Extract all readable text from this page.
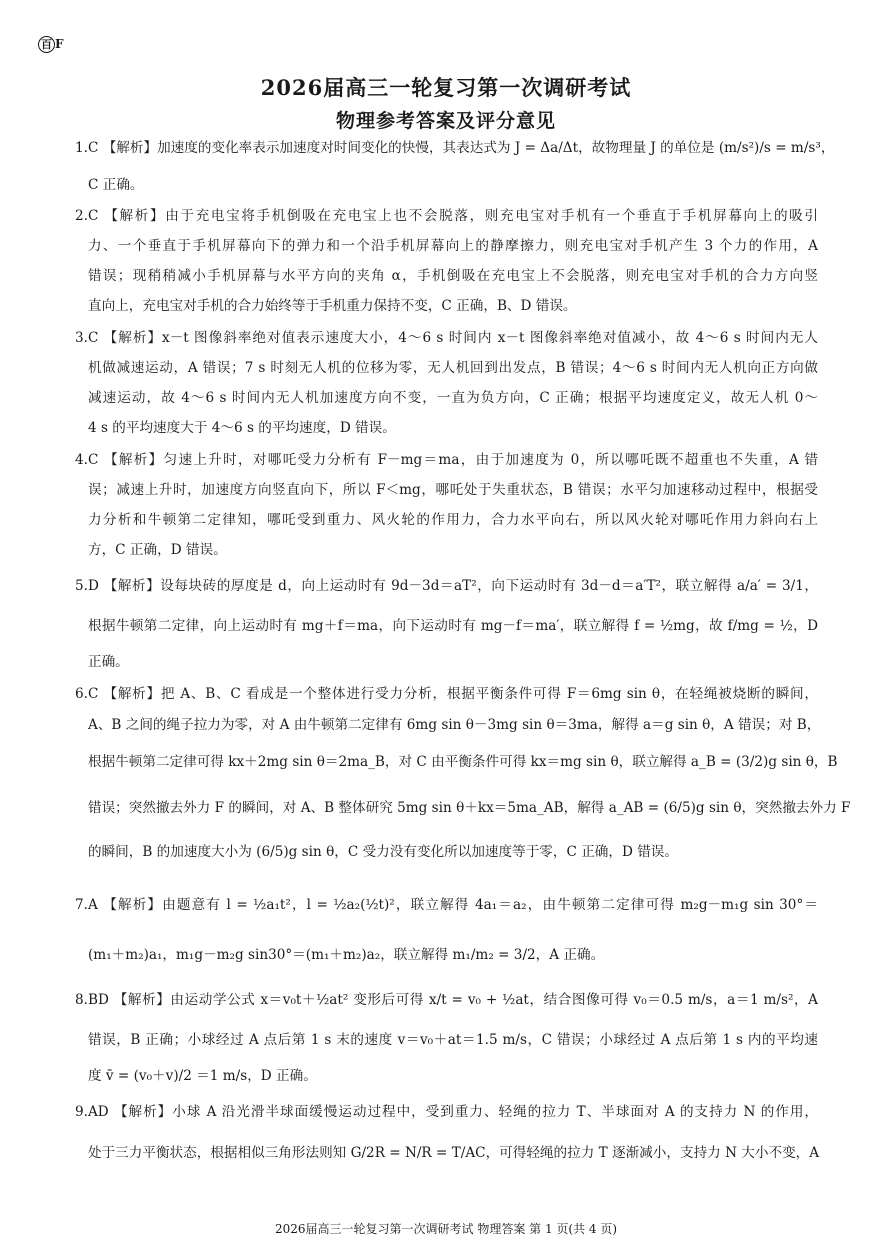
百 F
2026届高三一轮复习第一次调研考试
物理参考答案及评分意见
1.C 【解析】加速度的变化率表示加速度对时间变化的快慢，其表达式为 J = Δa/Δt，故物理量 J 的单位是 (m/s²)/s = m/s³，
C 正确。
2.C 【解析】由于充电宝将手机倒吸在充电宝上也不会脱落，则充电宝对手机有一个垂直于手机屏幕向上的吸引
力、一个垂直于手机屏幕向下的弹力和一个沿手机屏幕向上的静摩擦力，则充电宝对手机产生 3 个力的作用，A
错误；现稍稍减小手机屏幕与水平方向的夹角 α，手机倒吸在充电宝上不会脱落，则充电宝对手机的合力方向竖
直向上，充电宝对手机的合力始终等于手机重力保持不变，C 正确，B、D 错误。
3.C 【解析】x－t 图像斜率绝对值表示速度大小，4～6 s 时间内 x－t 图像斜率绝对值减小，故 4～6 s 时间内无人
机做减速运动，A 错误；7 s 时刻无人机的位移为零，无人机回到出发点，B 错误；4～6 s 时间内无人机向正方向做
减速运动，故 4～6 s 时间内无人机加速度方向不变，一直为负方向，C 正确；根据平均速度定义，故无人机 0～
4 s 的平均速度大于 4～6 s 的平均速度，D 错误。
4.C 【解析】匀速上升时，对哪吒受力分析有 F－mg＝ma，由于加速度为 0，所以哪吒既不超重也不失重，A 错
误；减速上升时，加速度方向竖直向下，所以 F＜mg，哪吒处于失重状态，B 错误；水平匀加速移动过程中，根据受
力分析和牛顿第二定律知，哪吒受到重力、风火轮的作用力，合力水平向右，所以风火轮对哪吒作用力斜向右上
方，C 正确，D 错误。
5.D 【解析】设每块砖的厚度是 d，向上运动时有 9d－3d＝aT²，向下运动时有 3d－d＝a′T²，联立解得 a/a′ = 3/1，
根据牛顿第二定律，向上运动时有 mg＋f＝ma，向下运动时有 mg－f＝ma′，联立解得 f = ½mg，故 f/mg = ½，D
正确。
6.C 【解析】把 A、B、C 看成是一个整体进行受力分析，根据平衡条件可得 F＝6mg sin θ，在轻绳被烧断的瞬间，
A、B 之间的绳子拉力为零，对 A 由牛顿第二定律有 6mg sin θ－3mg sin θ＝3ma，解得 a＝g sin θ，A 错误；对 B，
根据牛顿第二定律可得 kx＋2mg sin θ＝2ma_B，对 C 由平衡条件可得 kx＝mg sin θ，联立解得 a_B = (3/2)g sin θ，B
错误；突然撤去外力 F 的瞬间，对 A、B 整体研究 5mg sin θ＋kx＝5ma_AB，解得 a_AB = (6/5)g sin θ，突然撤去外力 F
的瞬间，B 的加速度大小为 (6/5)g sin θ，C 受力没有变化所以加速度等于零，C 正确，D 错误。
7.A 【解析】由题意有 l = ½a₁t²，l = ½a₂(½t)²，联立解得 4a₁＝a₂，由牛顿第二定律可得 m₂g－m₁g sin 30°＝
(m₁＋m₂)a₁，m₁g－m₂g sin30°＝(m₁＋m₂)a₂，联立解得 m₁/m₂ = 3/2，A 正确。
8.BD 【解析】由运动学公式 x＝v₀t＋½at² 变形后可得 x/t = v₀ + ½at，结合图像可得 v₀＝0.5 m/s，a＝1 m/s²，A
错误，B 正确；小球经过 A 点后第 1 s 末的速度 v＝v₀＋at＝1.5 m/s，C 错误；小球经过 A 点后第 1 s 内的平均速
度 v̄ = (v₀＋v)/2 ＝1 m/s，D 正确。
9.AD 【解析】小球 A 沿光滑半球面缓慢运动过程中，受到重力、轻绳的拉力 T、半球面对 A 的支持力 N 的作用，
处于三力平衡状态，根据相似三角形法则知 G/2R = N/R = T/AC，可得轻绳的拉力 T 逐渐减小，支持力 N 大小不变，A
2026届高三一轮复习第一次调研考试 物理答案 第 1 页(共 4 页)
